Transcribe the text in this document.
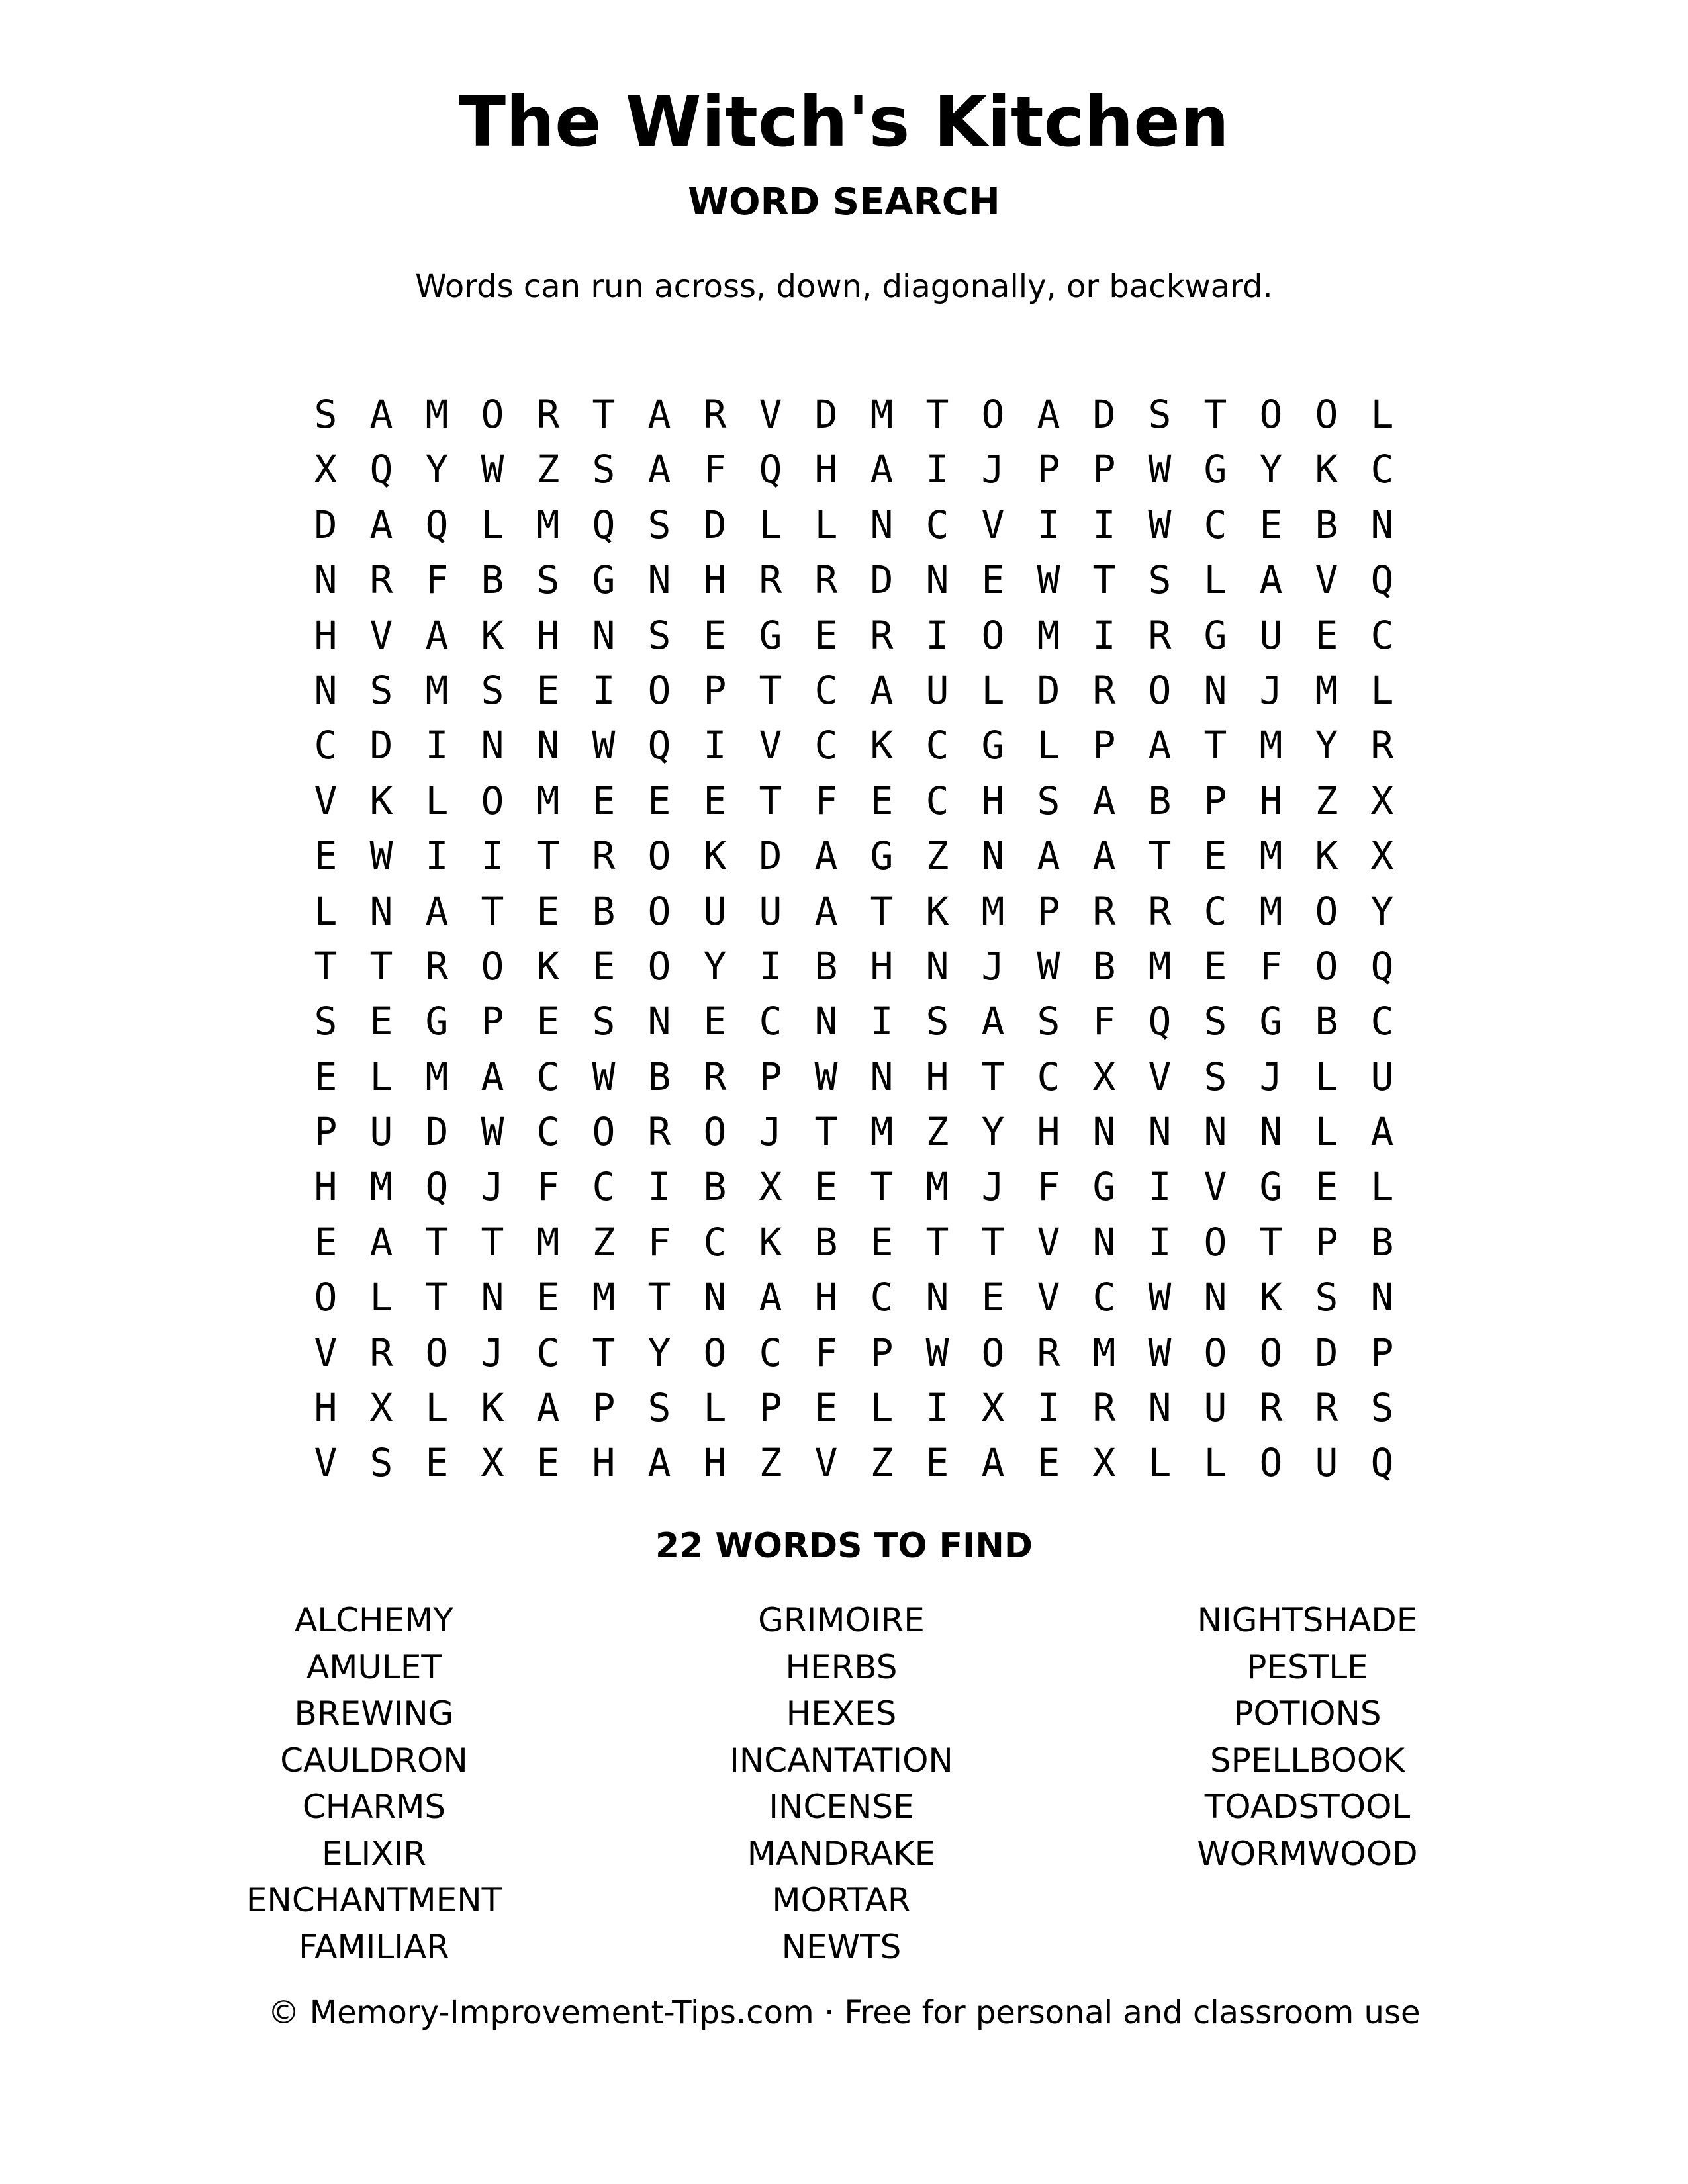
The Witch's Kitchen
WORD SEARCH
Words can run across, down, diagonally, or backward.
S A M O R T A R V D M T O A D S T O O L
X Q Y W Z S A F Q H A I J P P W G Y K C
D A Q L M Q S D L L N C V I I W C E B N
N R F B S G N H R R D N E W T S L A V Q
H V A K H N S E G E R I O M I R G U E C
N S M S E I O P T C A U L D R O N J M L
C D I N N W Q I V C K C G L P A T M Y R
V K L O M E E E T F E C H S A B P H Z X
E W I I T R O K D A G Z N A A T E M K X
L N A T E B O U U A T K M P R R C M O Y
T T R O K E O Y I B H N J W B M E F O Q
S E G P E S N E C N I S A S F Q S G B C
E L M A C W B R P W N H T C X V S J L U
P U D W C O R O J T M Z Y H N N N N L A
H M Q J F C I B X E T M J F G I V G E L
E A T T M Z F C K B E T T V N I O T P B
O L T N E M T N A H C N E V C W N K S N
V R O J C T Y O C F P W O R M W O O D P
H X L K A P S L P E L I X I R N U R R S
V S E X E H A H Z V Z E A E X L L O U Q
22 WORDS TO FIND
ALCHEMY
AMULET
BREWING
CAULDRON
CHARMS
ELIXIR
ENCHANTMENT
FAMILIAR
GRIMOIRE
HERBS
HEXES
INCANTATION
INCENSE
MANDRAKE
MORTAR
NEWTS
NIGHTSHADE
PESTLE
POTIONS
SPELLBOOK
TOADSTOOL
WORMWOOD
© Memory-Improvement-Tips.com · Free for personal and classroom use
